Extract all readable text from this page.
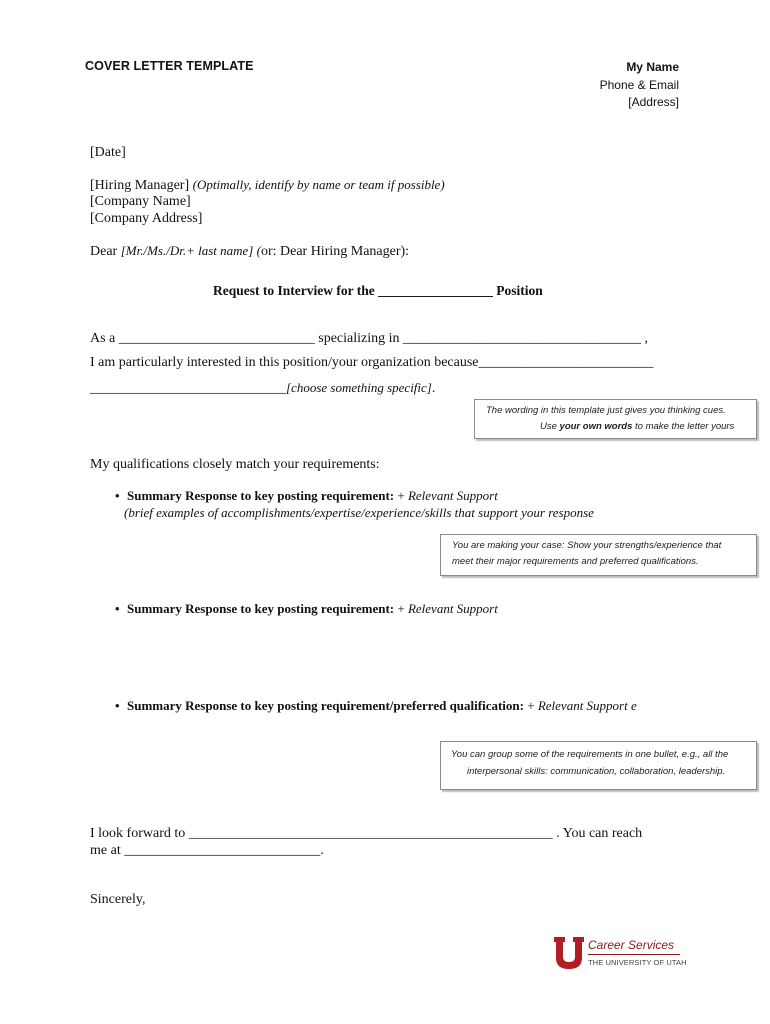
COVER LETTER TEMPLATE	My Name
Phone & Email
[Address]
[Date]
[Hiring Manager] (Optimally, identify by name or team if possible)
[Company Name]
[Company Address]
Dear [Mr./Ms./Dr.+ last name] (or: Dear Hiring Manager):
Request to Interview for the _________________ Position
As a ____________________________ specializing in __________________________________ ,
I am particularly interested in this position/your organization because_________________________
____________________________[choose something specific].
The wording in this template just gives you thinking cues.
Use your own words to make the letter yours
My qualifications closely match your requirements:
• Summary Response to key posting requirement: + Relevant Support
(brief examples of accomplishments/expertise/experience/skills that support your response
You are making your case: Show your strengths/experience that
meet their major requirements and preferred qualifications.
• Summary Response to key posting requirement: + Relevant Support
• Summary Response to key posting requirement/preferred qualification: + Relevant Support e
You can group some of the requirements in one bullet, e.g., all the
interpersonal skills: communication, collaboration, leadership.
I look forward to ____________________________________________________ . You can reach
me at ____________________________.
Sincerely,
Career Services
THE UNIVERSITY OF UTAH
